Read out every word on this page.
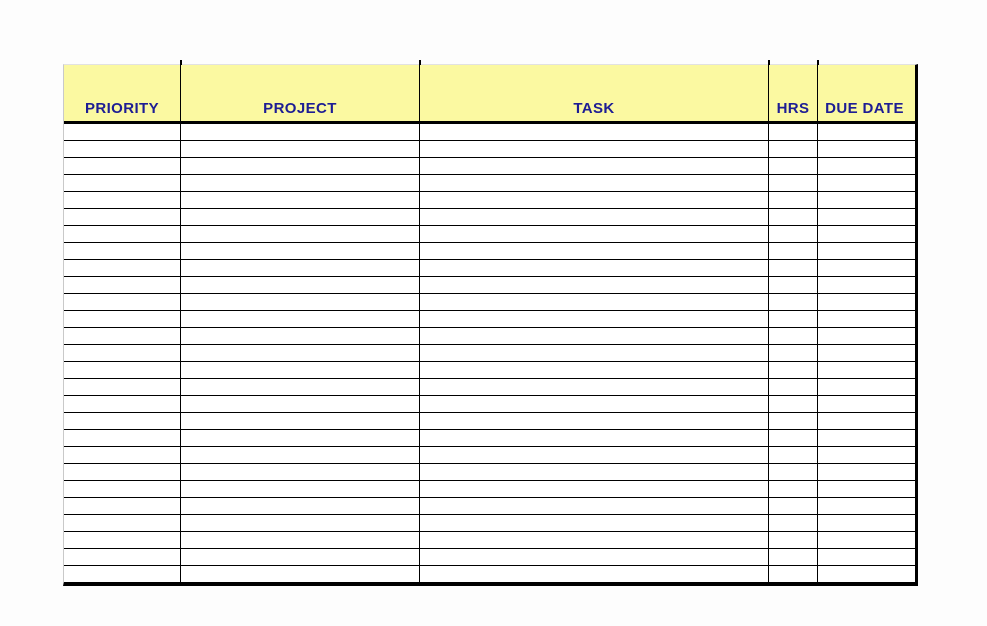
PRIORITY	PROJECT	TASK	HRS	DUE DATE
